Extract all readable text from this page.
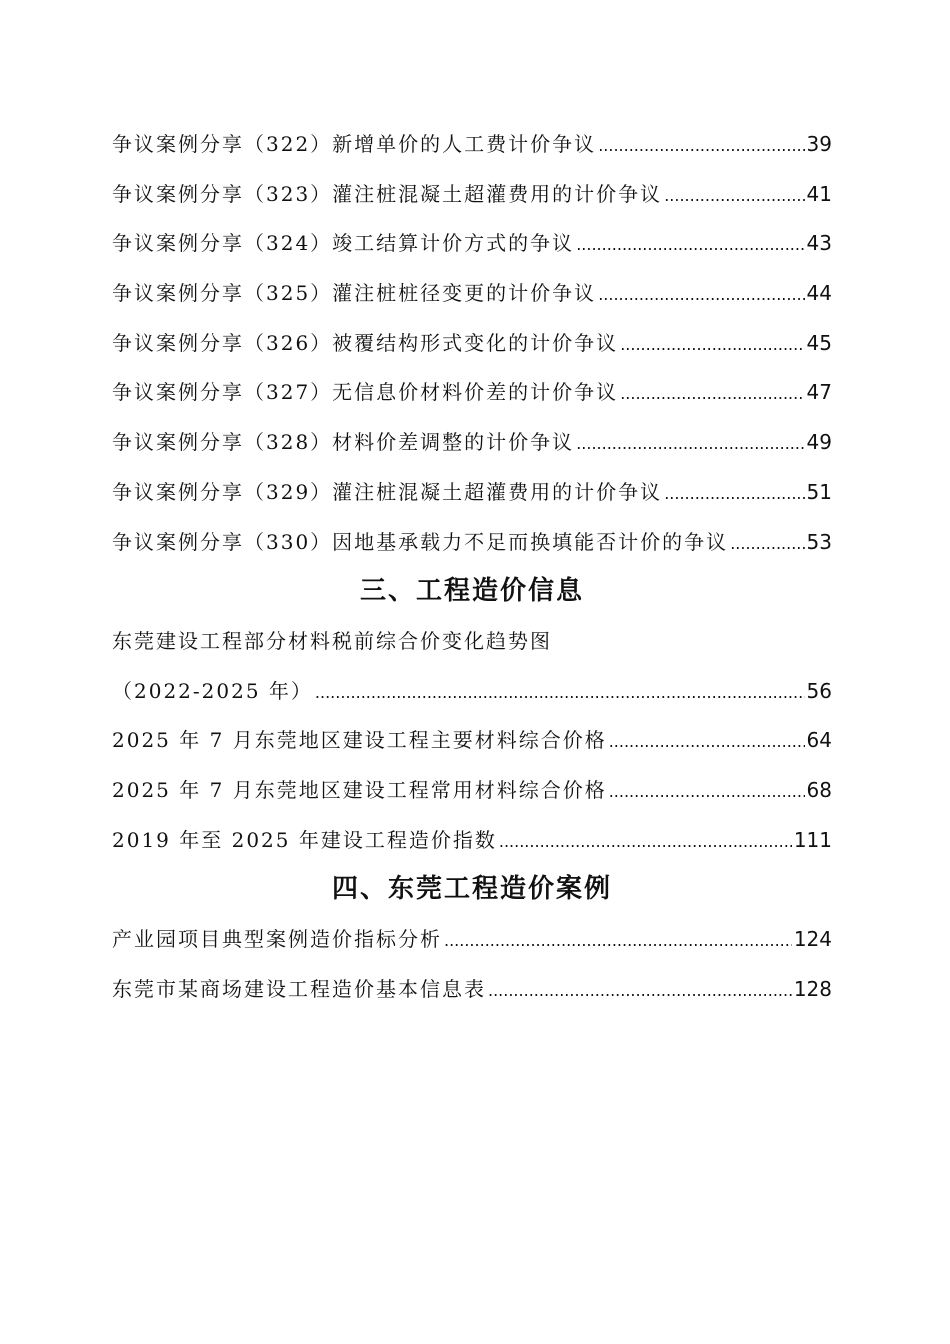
争议案例分享（322）新增单价的人工费计价争议 .....	39
争议案例分享（323）灌注桩混凝土超灌费用的计价争议 .....	41
争议案例分享（324）竣工结算计价方式的争议 .....	43
争议案例分享（325）灌注桩桩径变更的计价争议 .....	44
争议案例分享（326）被覆结构形式变化的计价争议 .....	45
争议案例分享（327）无信息价材料价差的计价争议 .....	47
争议案例分享（328）材料价差调整的计价争议 .....	49
争议案例分享（329）灌注桩混凝土超灌费用的计价争议 .....	51
争议案例分享（330）因地基承载力不足而换填能否计价的争议 .....	53
三、工程造价信息
东莞建设工程部分材料税前综合价变化趋势图
（2022-2025 年） .....	56
2025 年 7 月东莞地区建设工程主要材料综合价格 .....	64
2025 年 7 月东莞地区建设工程常用材料综合价格 .....	68
2019 年至 2025 年建设工程造价指数 .....	111
四、东莞工程造价案例
产业园项目典型案例造价指标分析 .....	124
东莞市某商场建设工程造价基本信息表 .....	128
